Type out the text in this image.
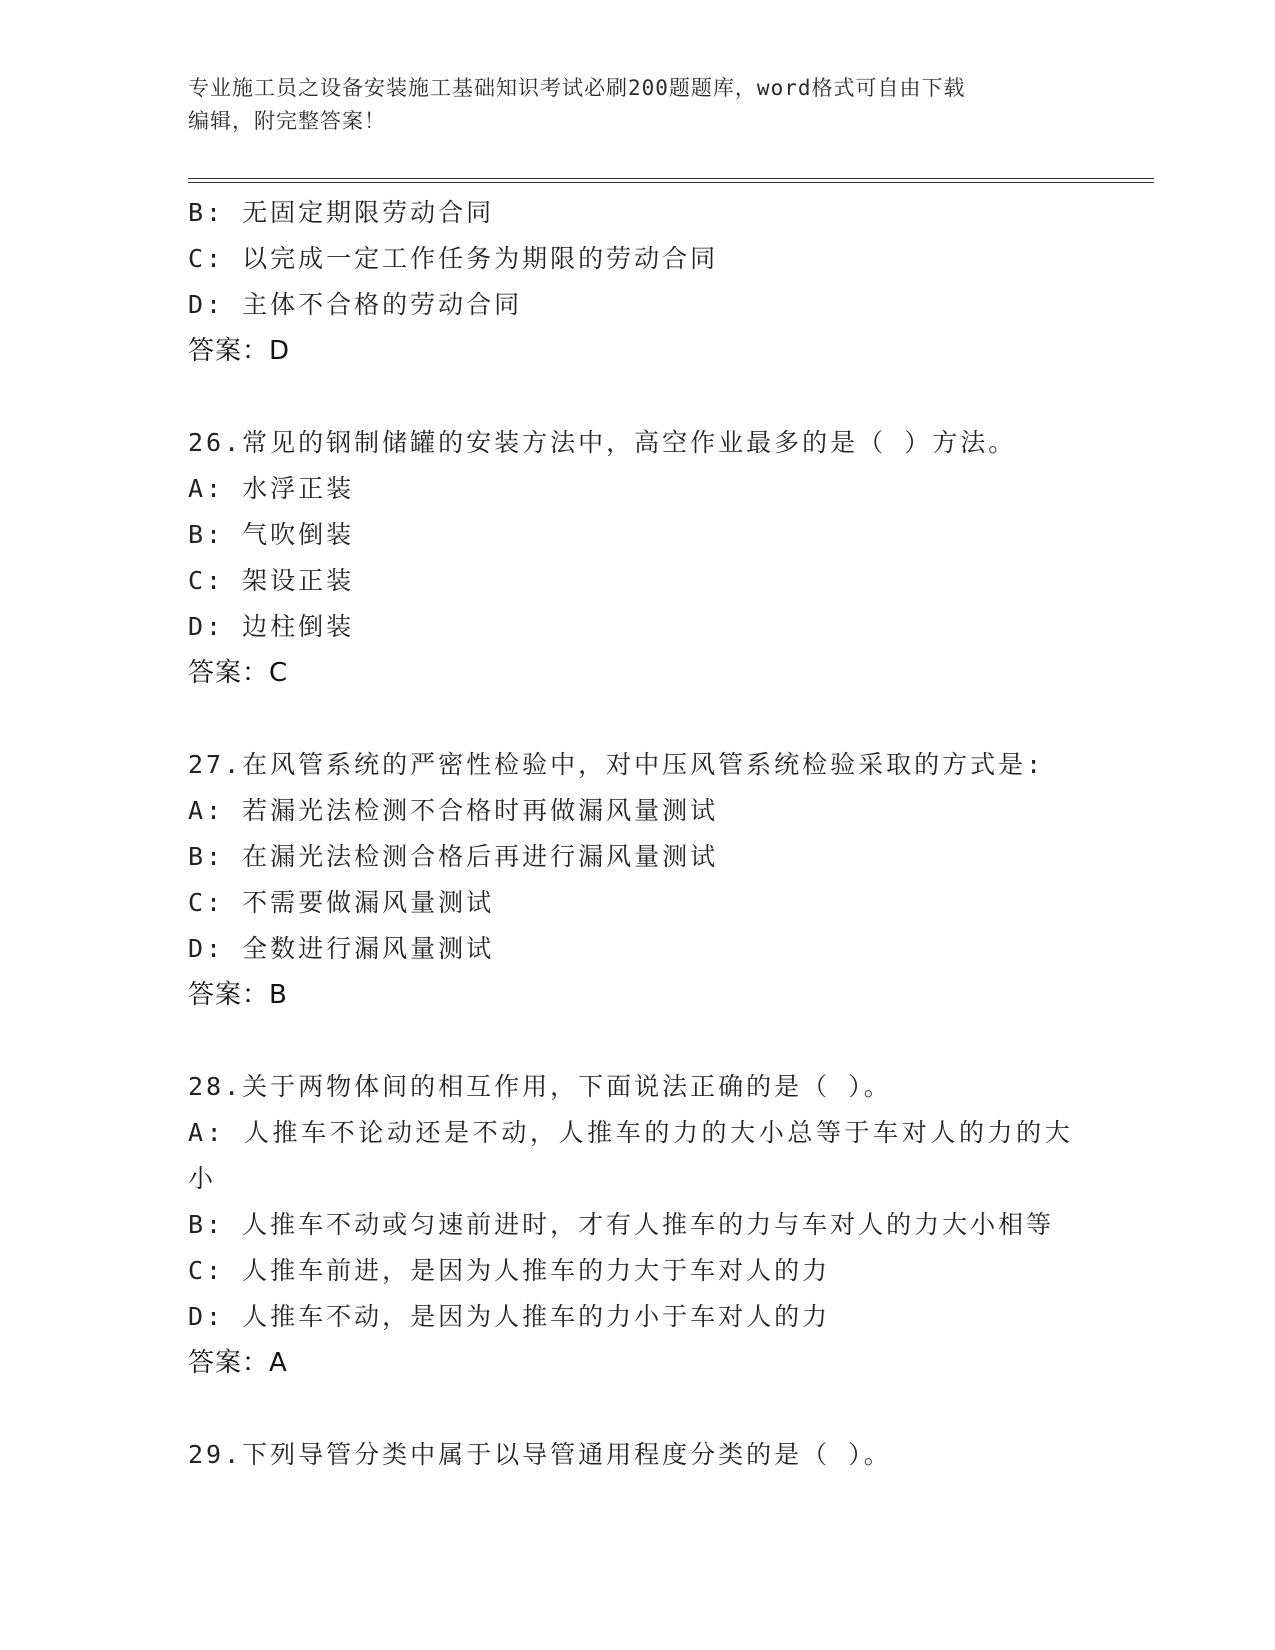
专业施工员之设备安装施工基础知识考试必刷200题题库，word格式可自由下载
编辑，附完整答案！
B: 无固定期限劳动合同
C: 以完成一定工作任务为期限的劳动合同
D: 主体不合格的劳动合同
答案：D
26.常见的钢制储罐的安装方法中，高空作业最多的是（ ）方法。
A: 水浮正装
B: 气吹倒装
C: 架设正装
D: 边柱倒装
答案：C
27.在风管系统的严密性检验中，对中压风管系统检验采取的方式是:
A: 若漏光法检测不合格时再做漏风量测试
B: 在漏光法检测合格后再进行漏风量测试
C: 不需要做漏风量测试
D: 全数进行漏风量测试
答案：B
28.关于两物体间的相互作用，下面说法正确的是（ ）。
A: 人推车不论动还是不动，人推车的力的大小总等于车对人的力的大小
B: 人推车不动或匀速前进时，才有人推车的力与车对人的力大小相等
C: 人推车前进，是因为人推车的力大于车对人的力
D: 人推车不动，是因为人推车的力小于车对人的力
答案：A
29.下列导管分类中属于以导管通用程度分类的是（ ）。
